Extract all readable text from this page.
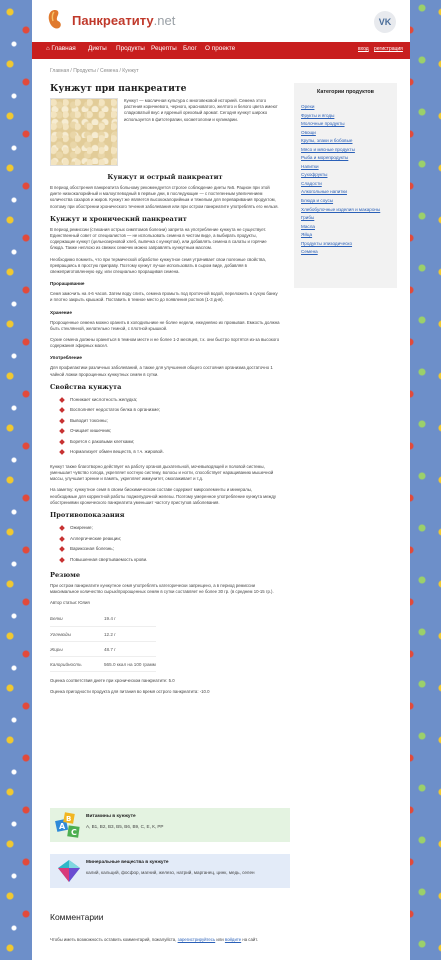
Панкреатиту.net	VK
⌂ Главная Диеты Продукты Рецепты Блог О проекте	вход регистрация
Главная / Продукты / Семена / Кунжут
Кунжут при панкреатите

Кунжут — масличная культура с многовековой историей. Семена этого растения коричневого, черного, красноватого, желтого и белого цвета имеют сладковатый вкус и ядреный ореховый аромат. Сегодня кунжут широко используется в фитотерапии, косметологии и кулинарии.

Кунжут и острый панкреатит

В период обострения панкреатита больному рекомендуется строгое соблюдение диеты №5. Рацион при этой диете низкокалорийный и малоуглеводный в первые дни, в последующие — с постепенным увеличением количества сахаров и жиров. Кунжут же является высококалорийным и тяжелым для переваривания продуктом, поэтому при обострении хронического течения заболевания или при остром панкреатите употреблять его нельзя.

Кунжут и хронический панкреатит

В период ремиссии (стихания острых симптомов болезни) запрета на употребление кунжута не существует. Единственный совет от специалистов — не использовать семена в чистом виде, а выбирать продукты, содержащие кунжут (цельнозерновой хлеб, выпечка с кунжутом), или добавлять семена в салаты и горячие блюда. Также неплохо из свежих семечек можно заправлять кунжутным маслом.

Необходимо помнить, что при термической обработке кунжутное семя утрачивает свои полезные свойства, превращаясь в простую приправу. Поэтому кунжут лучше использовать в сыром виде, добавляя в свежеприготовленную еду, или специально проращивая семена.

Проращивание

Семя замочить на 4-6 часов. Затем воду слить, семена промыть под проточной водой, переложить в сухую банку и плотно закрыть крышкой. Поставить в темное место до появления ростков (1-3 дня).

Хранение

Пророщенные семена можно хранить в холодильнике не более недели, ежедневно их промывая. Емкость должна быть стеклянной, желательно темной, с плотной крышкой.

Сухие семена должны храниться в темном месте и не более 1-2 месяцев, т.к. они быстро портятся из-за высокого содержания эфирных масел.

Употребление

Для профилактики различных заболеваний, а также для улучшения общего состояния организма достаточно 1 чайной ложки пророщенных кунжутных семян в сутки.

Свойства кунжута
Понижает кислотность желудка;
Восполняет недостаток белка в организме;
Выводит токсины;
Очищает кишечник;
Борется с раковыми клетками;
Нормализует обмен веществ, в т.ч. жировой.

Кунжут также благотворно действует на работу органов дыхательной, мочевыводящей и половой системы, уменьшает чувство голода, укрепляет костную систему, волосы и ногти, способствует наращиванию мышечной массы, улучшает зрение и память, укрепляет иммунитет, омолаживает и т.д.

На заметку: кунжутное семя в своем биохимическом составе содержит микроэлементы и минералы, необходимые для корректной работы поджелудочной железы. Поэтому умеренное употребление кунжута между обострениями хронического панкреатита уменьшит частоту приступов заболевания.

Противопоказания
Ожирение;
Аллергические реакции;
Варикозная болезнь;
Повышенная свертываемость крови.
Резюме

При остром панкреатите кунжутное семя употреблять категорически запрещено, а в период ремиссии максимальное количество сырых/пророщенных семян в сутки составляет не более 30 гр. (в среднем 10-15 гр.).

Автор статьи: Юлия

Белки	19.4 г
Углеводы	12.2 г
Жиры	48.7 г
Калорийность	565.0 ккал на 100 грамм

Оценка соответствия диете при хроническом панкреатите: 5.0

Оценка пригодности продукта для питания во время острого панкреатита: -10.0

A
B
C
Витамины в кунжуте
А, В1, В2, В3, В5, В6, В9, С, Е, К, РР
Минеральные вещества в кунжуте
калий, кальций, фосфор, магний, железо, натрий, марганец, цинк, медь, селен
Комментарии
Чтобы иметь возможность оставить комментарий, пожалуйста, зарегистрируйтесь или войдите на сайт.
Категории продуктов
Орехи
Фрукты и ягоды
Молочные продукты
Овощи
Крупы, злаки и бобовые
Мясо и мясные продукты
Рыба и морепродукты
Напитки
Сухофрукты
Сладости
Алкогольные напитки
Блюда и соусы
Хлебобулочные изделия и макароны
Грибы
Масла
Яйца
Продукты эпизодическо
Семена
